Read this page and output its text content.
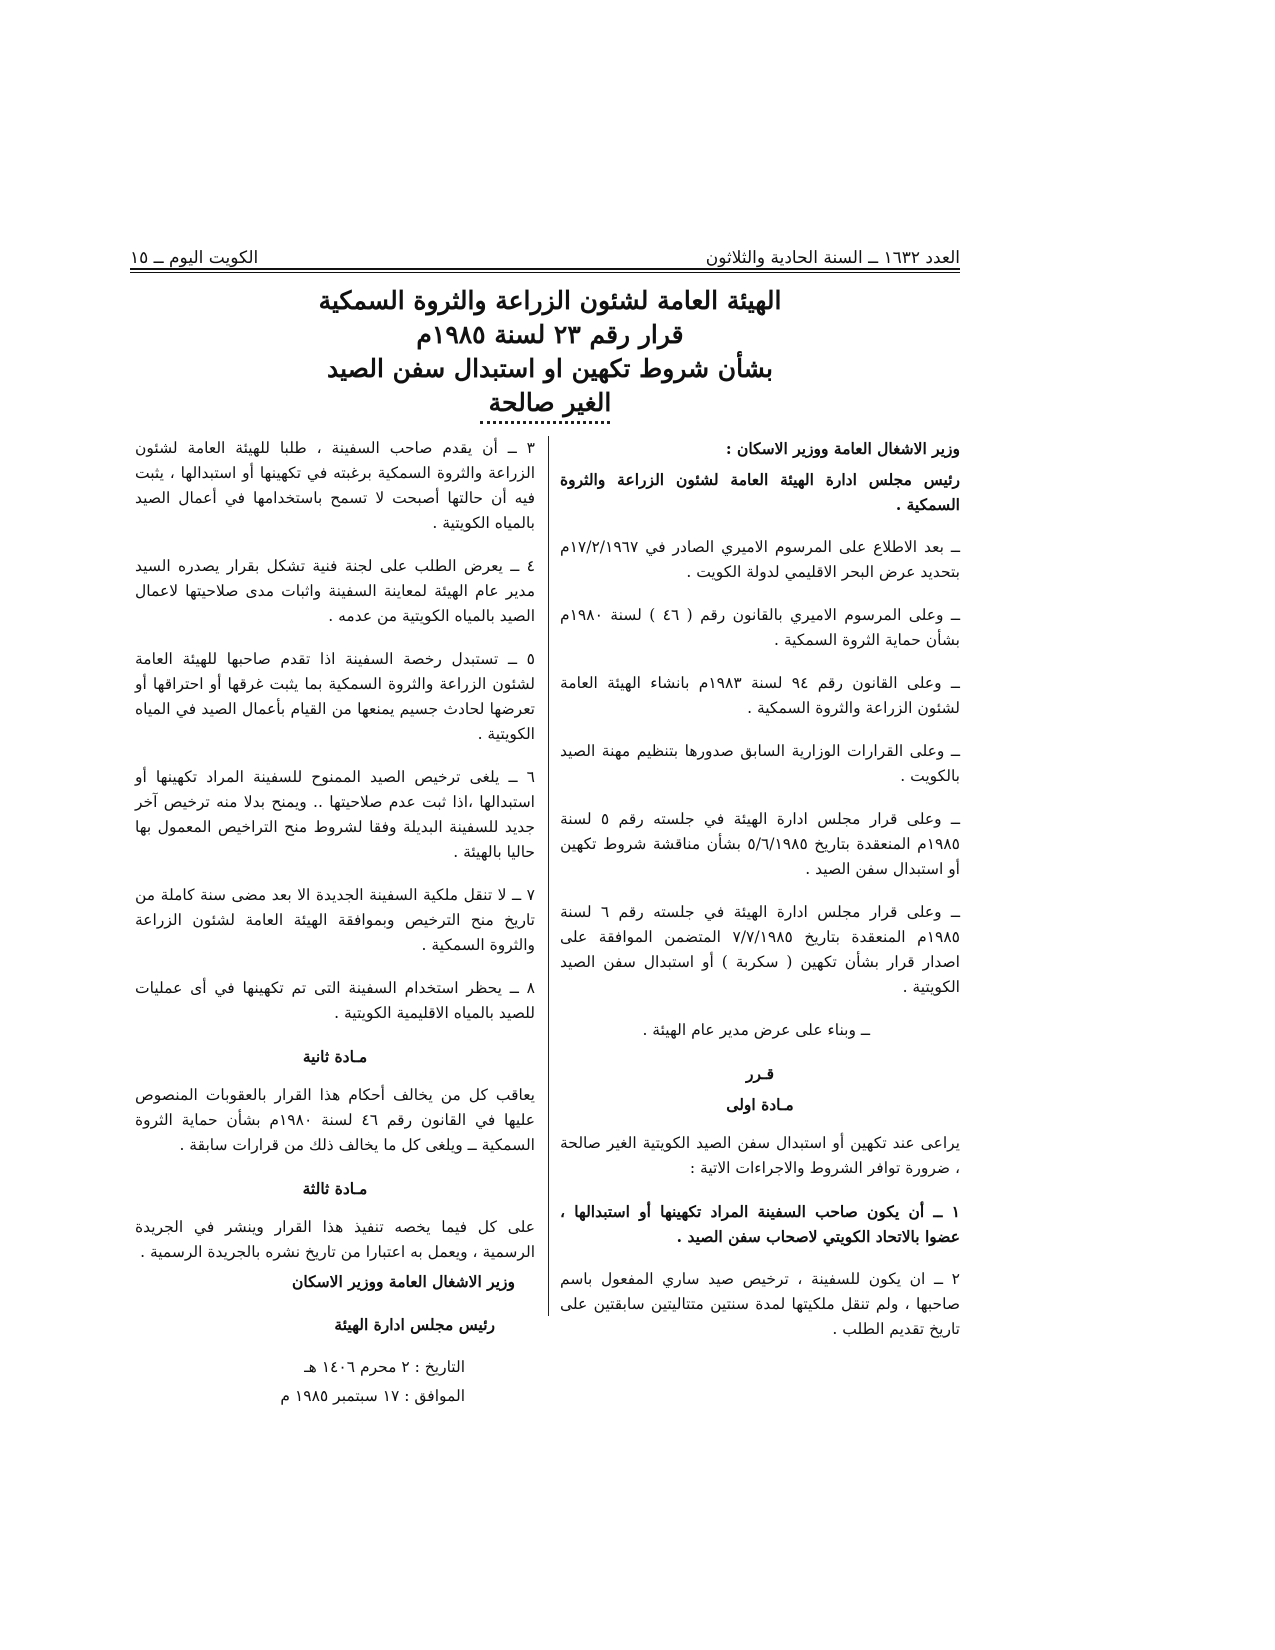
العدد ١٦٣٢ ــ السنة الحادية والثلاثون
الكويت اليوم ــ ١٥
الهيئة العامة لشئون الزراعة والثروة السمكية
قرار رقم ٢٣ لسنة ١٩٨٥م
بشأن شروط تكهين او استبدال سفن الصيد
الغير صالحة

وزير الاشغال العامة ووزير الاسكان :

رئيس مجلس ادارة الهيئة العامة لشئون الزراعة والثروة السمكية .

ــ بعد الاطلاع على المرسوم الاميري الصادر في ١٧/٢/١٩٦٧م بتحديد عرض البحر الاقليمي لدولة الكويت .

ــ وعلى المرسوم الاميري بالقانون رقم ( ٤٦ ) لسنة ١٩٨٠م بشأن حماية الثروة السمكية .

ــ وعلى القانون رقم ٩٤ لسنة ١٩٨٣م بانشاء الهيئة العامة لشئون الزراعة والثروة السمكية .

ــ وعلى القرارات الوزارية السابق صدورها بتنظيم مهنة الصيد بالكويت .

ــ وعلى قرار مجلس ادارة الهيئة في جلسته رقم ٥ لسنة ١٩٨٥م المنعقدة بتاريخ ٥/٦/١٩٨٥ بشأن مناقشة شروط تكهين أو استبدال سفن الصيد .

ــ وعلى قرار مجلس ادارة الهيئة في جلسته رقم ٦ لسنة ١٩٨٥م المنعقدة بتاريخ ٧/٧/١٩٨٥ المتضمن الموافقة على اصدار قرار بشأن تكهين ( سكربة ) أو استبدال سفن الصيد الكويتية .

ــ وبناء على عرض مدير عام الهيئة .

قـرر
مـادة اولى

يراعى عند تكهين أو استبدال سفن الصيد الكويتية الغير صالحة ، ضرورة توافر الشروط والاجراءات الاتية :

١ ــ أن يكون صاحب السفينة المراد تكهينها أو استبدالها ، عضوا بالاتحاد الكويتي لاصحاب سفن الصيد .

٢ ــ ان يكون للسفينة ، ترخيص صيد ساري المفعول باسم صاحبها ، ولم تنقل ملكيتها لمدة سنتين متتاليتين سابقتين على تاريخ تقديم الطلب .

٣ ــ أن يقدم صاحب السفينة ، طلبا للهيئة العامة لشئون الزراعة والثروة السمكية برغبته في تكهينها أو استبدالها ، يثبت فيه أن حالتها أصبحت لا تسمح باستخدامها في أعمال الصيد بالمياه الكويتية .

٤ ــ يعرض الطلب على لجنة فنية تشكل بقرار يصدره السيد مدير عام الهيئة لمعاينة السفينة واثبات مدى صلاحيتها لاعمال الصيد بالمياه الكويتية من عدمه .

٥ ــ تستبدل رخصة السفينة اذا تقدم صاحبها للهيئة العامة لشئون الزراعة والثروة السمكية بما يثبت غرقها أو احتراقها أو تعرضها لحادث جسيم يمنعها من القيام بأعمال الصيد في المياه الكويتية .

٦ ــ يلغى ترخيص الصيد الممنوح للسفينة المراد تكهينها أو استبدالها ،اذا ثبت عدم صلاحيتها .. ويمنح بدلا منه ترخيص آخر جديد للسفينة البديلة وفقا لشروط منح التراخيص المعمول بها حاليا بالهيئة .

٧ ــ لا تنقل ملكية السفينة الجديدة الا بعد مضى سنة كاملة من تاريخ منح الترخيص وبموافقة الهيئة العامة لشئون الزراعة والثروة السمكية .

٨ ــ يحظر استخدام السفينة التى تم تكهينها في أى عمليات للصيد بالمياه الاقليمية الكويتية .

مـادة ثانية

يعاقب كل من يخالف أحكام هذا القرار بالعقوبات المنصوص عليها في القانون رقم ٤٦ لسنة ١٩٨٠م بشأن حماية الثروة السمكية ــ ويلغى كل ما يخالف ذلك من قرارات سابقة .

مـادة ثالثة

على كل فيما يخصه تنفيذ هذا القرار وينشر في الجريدة الرسمية ، ويعمل به اعتبارا من تاريخ نشره بالجريدة الرسمية .

وزير الاشغال العامة ووزير الاسكان

رئيس مجلس ادارة الهيئة

التاريخ : ٢ محرم ١٤٠٦ هـ
الموافق : ١٧ سبتمبر ١٩٨٥ م
